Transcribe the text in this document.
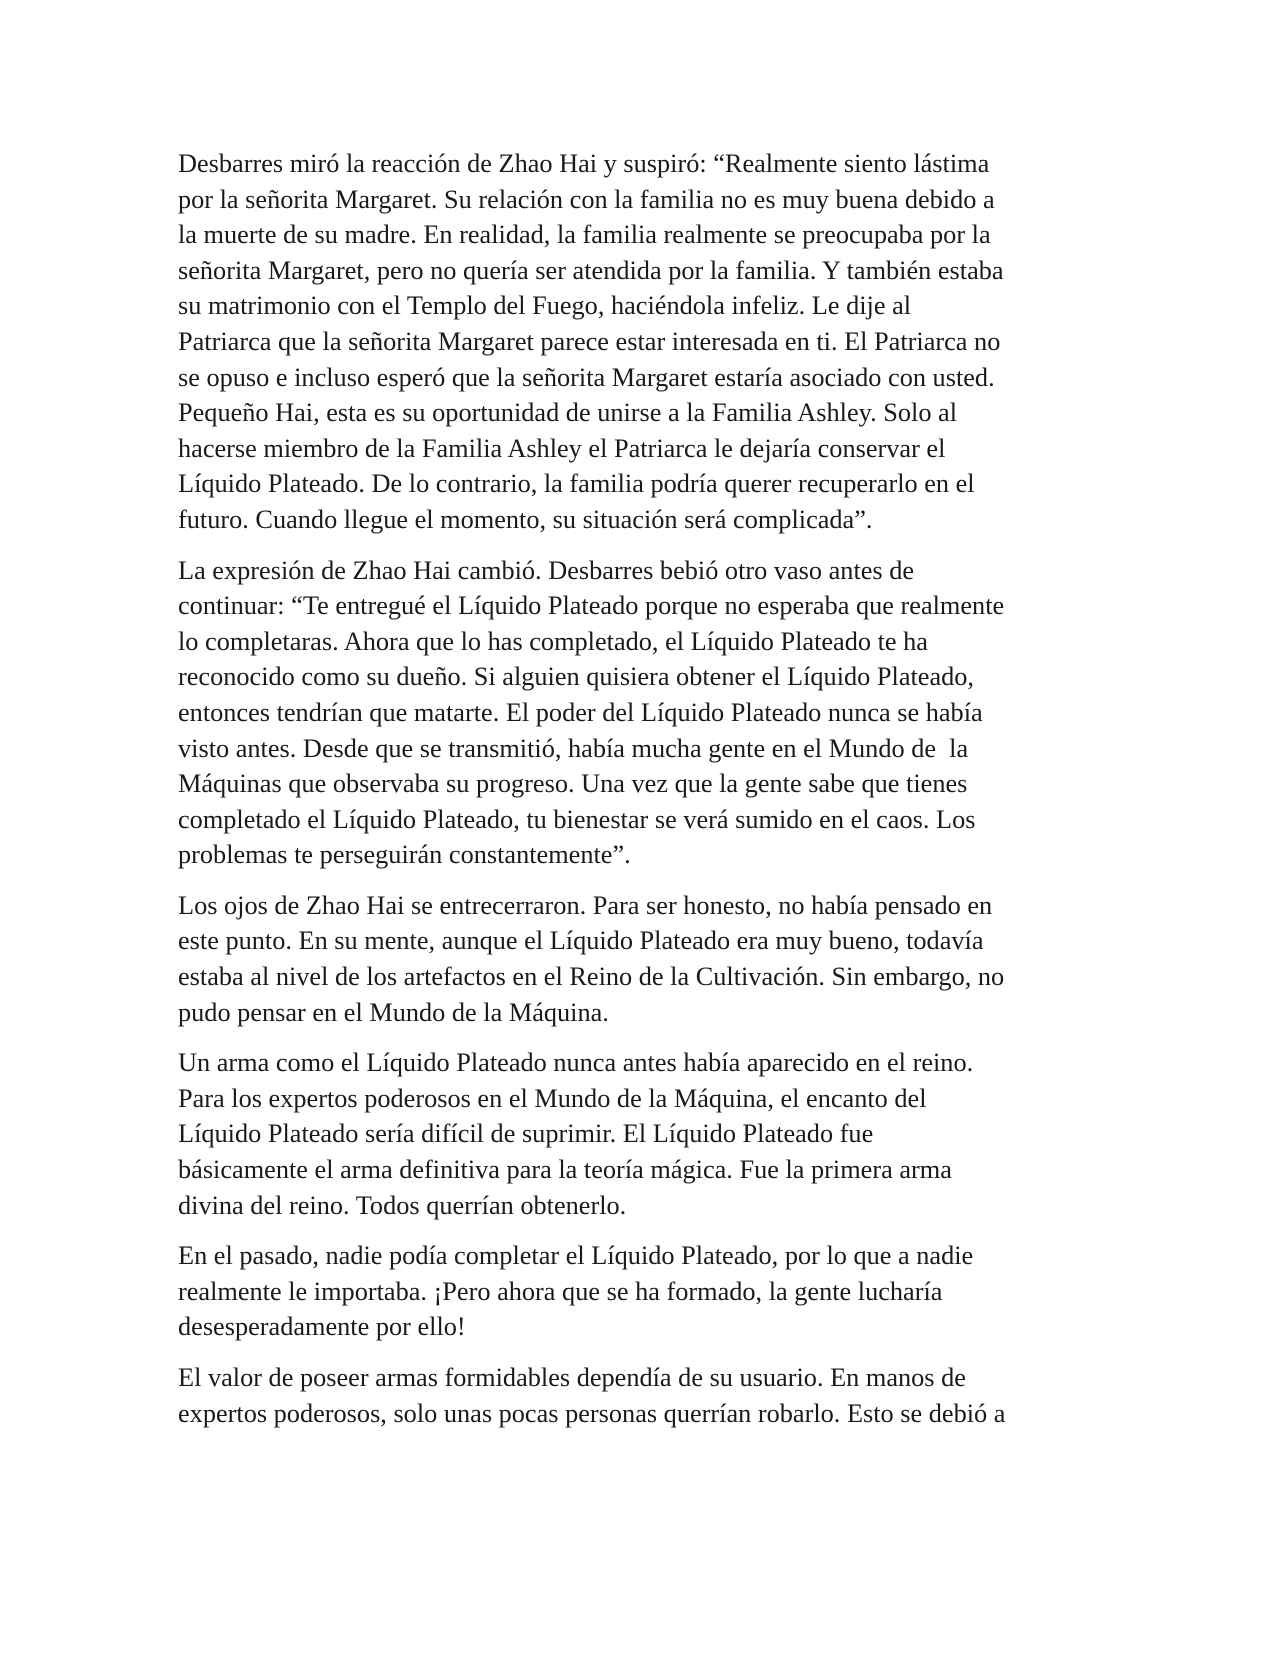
Desbarres miró la reacción de Zhao Hai y suspiró: “Realmente siento lástima
por la señorita Margaret. Su relación con la familia no es muy buena debido a
la muerte de su madre. En realidad, la familia realmente se preocupaba por la
señorita Margaret, pero no quería ser atendida por la familia. Y también estaba
su matrimonio con el Templo del Fuego, haciéndola infeliz. Le dije al
Patriarca que la señorita Margaret parece estar interesada en ti. El Patriarca no
se opuso e incluso esperó que la señorita Margaret estaría asociado con usted.
Pequeño Hai, esta es su oportunidad de unirse a la Familia Ashley. Solo al
hacerse miembro de la Familia Ashley el Patriarca le dejaría conservar el
Líquido Plateado. De lo contrario, la familia podría querer recuperarlo en el
futuro. Cuando llegue el momento, su situación será complicada”.

La expresión de Zhao Hai cambió. Desbarres bebió otro vaso antes de
continuar: “Te entregué el Líquido Plateado porque no esperaba que realmente
lo completaras. Ahora que lo has completado, el Líquido Plateado te ha
reconocido como su dueño. Si alguien quisiera obtener el Líquido Plateado,
entonces tendrían que matarte. El poder del Líquido Plateado nunca se había
visto antes. Desde que se transmitió, había mucha gente en el Mundo de  la
Máquinas que observaba su progreso. Una vez que la gente sabe que tienes
completado el Líquido Plateado, tu bienestar se verá sumido en el caos. Los
problemas te perseguirán constantemente”.

Los ojos de Zhao Hai se entrecerraron. Para ser honesto, no había pensado en
este punto. En su mente, aunque el Líquido Plateado era muy bueno, todavía
estaba al nivel de los artefactos en el Reino de la Cultivación. Sin embargo, no
pudo pensar en el Mundo de la Máquina.

Un arma como el Líquido Plateado nunca antes había aparecido en el reino.
Para los expertos poderosos en el Mundo de la Máquina, el encanto del
Líquido Plateado sería difícil de suprimir. El Líquido Plateado fue
básicamente el arma definitiva para la teoría mágica. Fue la primera arma
divina del reino. Todos querrían obtenerlo.

En el pasado, nadie podía completar el Líquido Plateado, por lo que a nadie
realmente le importaba. ¡Pero ahora que se ha formado, la gente lucharía
desesperadamente por ello!

El valor de poseer armas formidables dependía de su usuario. En manos de
expertos poderosos, solo unas pocas personas querrían robarlo. Esto se debió a
